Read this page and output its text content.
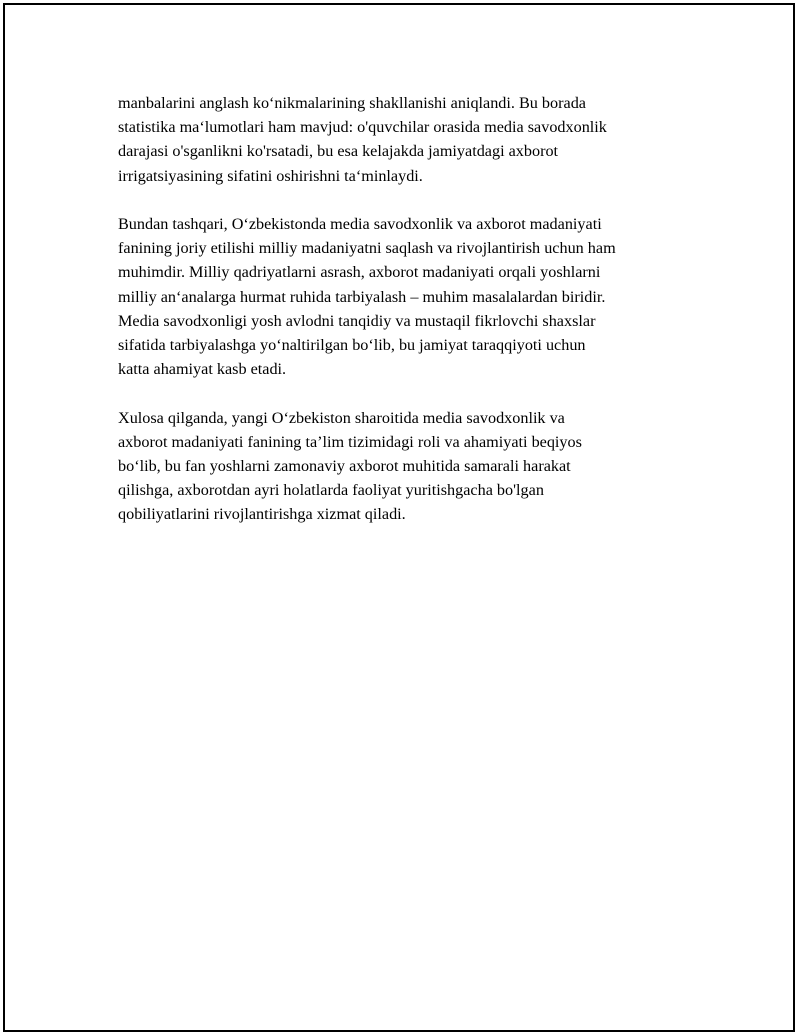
manbalarini anglash ko‘nikmalarining shakllanishi aniqlandi. Bu borada
statistika ma‘lumotlari ham mavjud: o'quvchilar orasida media savodxonlik
darajasi o'sganlikni ko'rsatadi, bu esa kelajakda jamiyatdagi axborot
irrigatsiyasining sifatini oshirishni ta‘minlaydi.

Bundan tashqari, O‘zbekistonda media savodxonlik va axborot madaniyati
fanining joriy etilishi milliy madaniyatni saqlash va rivojlantirish uchun ham
muhimdir. Milliy qadriyatlarni asrash, axborot madaniyati orqali yoshlarni
milliy an‘analarga hurmat ruhida tarbiyalash – muhim masalalardan biridir.
Media savodxonligi yosh avlodni tanqidiy va mustaqil fikrlovchi shaxslar
sifatida tarbiyalashga yo‘naltirilgan bo‘lib, bu jamiyat taraqqiyoti uchun
katta ahamiyat kasb etadi.

Xulosa qilganda, yangi O‘zbekiston sharoitida media savodxonlik va
axborot madaniyati fanining ta’lim tizimidagi roli va ahamiyati beqiyos
bo‘lib, bu fan yoshlarni zamonaviy axborot muhitida samarali harakat
qilishga, axborotdan ayri holatlarda faoliyat yuritishgacha bo'lgan
qobiliyatlarini rivojlantirishga xizmat qiladi.
